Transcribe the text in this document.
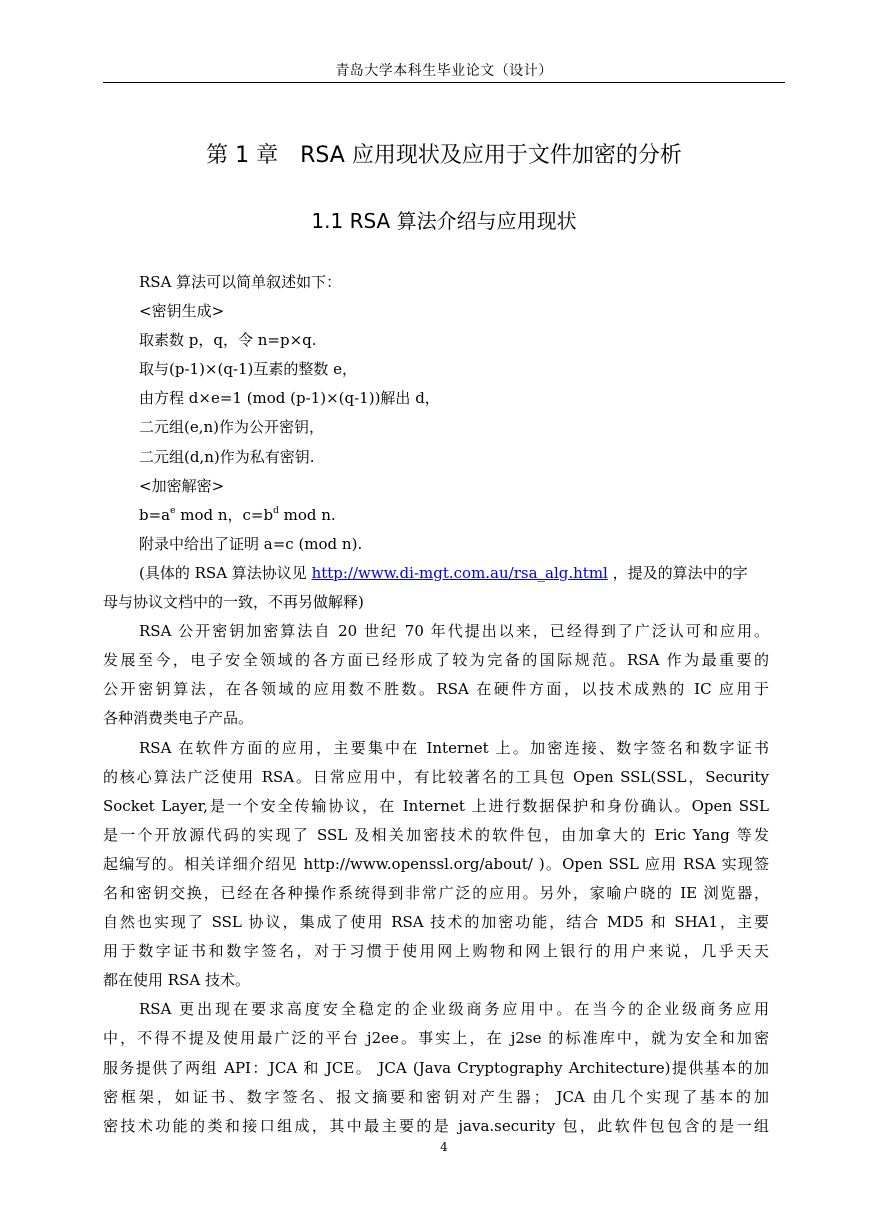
青岛大学本科生毕业论文（设计）
第 1 章　RSA 应用现状及应用于文件加密的分析
1.1 RSA 算法介绍与应用现状
RSA 算法可以简单叙述如下：
<密钥生成>
取素数 p，q，令 n=p×q.
取与(p-1)×(q-1)互素的整数 e，
由方程 d×e=1 (mod (p-1)×(q-1))解出 d，
二元组(e,n)作为公开密钥，
二元组(d,n)作为私有密钥.
<加密解密>
$b=a^e$ mod n，$c=b^d$ mod n.
附录中给出了证明 a=c (mod n).
(具体的 RSA 算法协议见 http://www.di-mgt.com.au/rsa_alg.html ，提及的算法中的字
母与协议文档中的一致，不再另做解释)
RSA 公开密钥加密算法自 20 世纪 70 年代提出以来，已经得到了广泛认可和应用。
发展至今，电子安全领域的各方面已经形成了较为完备的国际规范。RSA 作为最重要的
公开密钥算法，在各领域的应用数不胜数。RSA 在硬件方面，以技术成熟的 IC 应用于
各种消费类电子产品。
RSA 在软件方面的应用，主要集中在 Internet 上。加密连接、数字签名和数字证书
的核心算法广泛使用 RSA。日常应用中，有比较著名的工具包 Open SSL(SSL，Security
Socket Layer,是一个安全传输协议，在 Internet 上进行数据保护和身份确认。Open SSL
是一个开放源代码的实现了 SSL 及相关加密技术的软件包，由加拿大的 Eric Yang 等发
起编写的。相关详细介绍见 http://www.openssl.org/about/ )。Open SSL 应用 RSA 实现签
名和密钥交换，已经在各种操作系统得到非常广泛的应用。另外，家喻户晓的 IE 浏览器，
自然也实现了 SSL 协议，集成了使用 RSA 技术的加密功能，结合 MD5 和 SHA1，主要
用于数字证书和数字签名，对于习惯于使用网上购物和网上银行的用户来说，几乎天天
都在使用 RSA 技术。
RSA 更出现在要求高度安全稳定的企业级商务应用中。在当今的企业级商务应用
中，不得不提及使用最广泛的平台 j2ee。事实上，在 j2se 的标准库中，就为安全和加密
服务提供了两组 API：JCA 和 JCE。 JCA (Java Cryptography Architecture)提供基本的加
密框架，如证书、数字签名、报文摘要和密钥对产生器； JCA 由几个实现了基本的加
密技术功能的类和接口组成，其中最主要的是 java.security 包，此软件包包含的是一组
4
